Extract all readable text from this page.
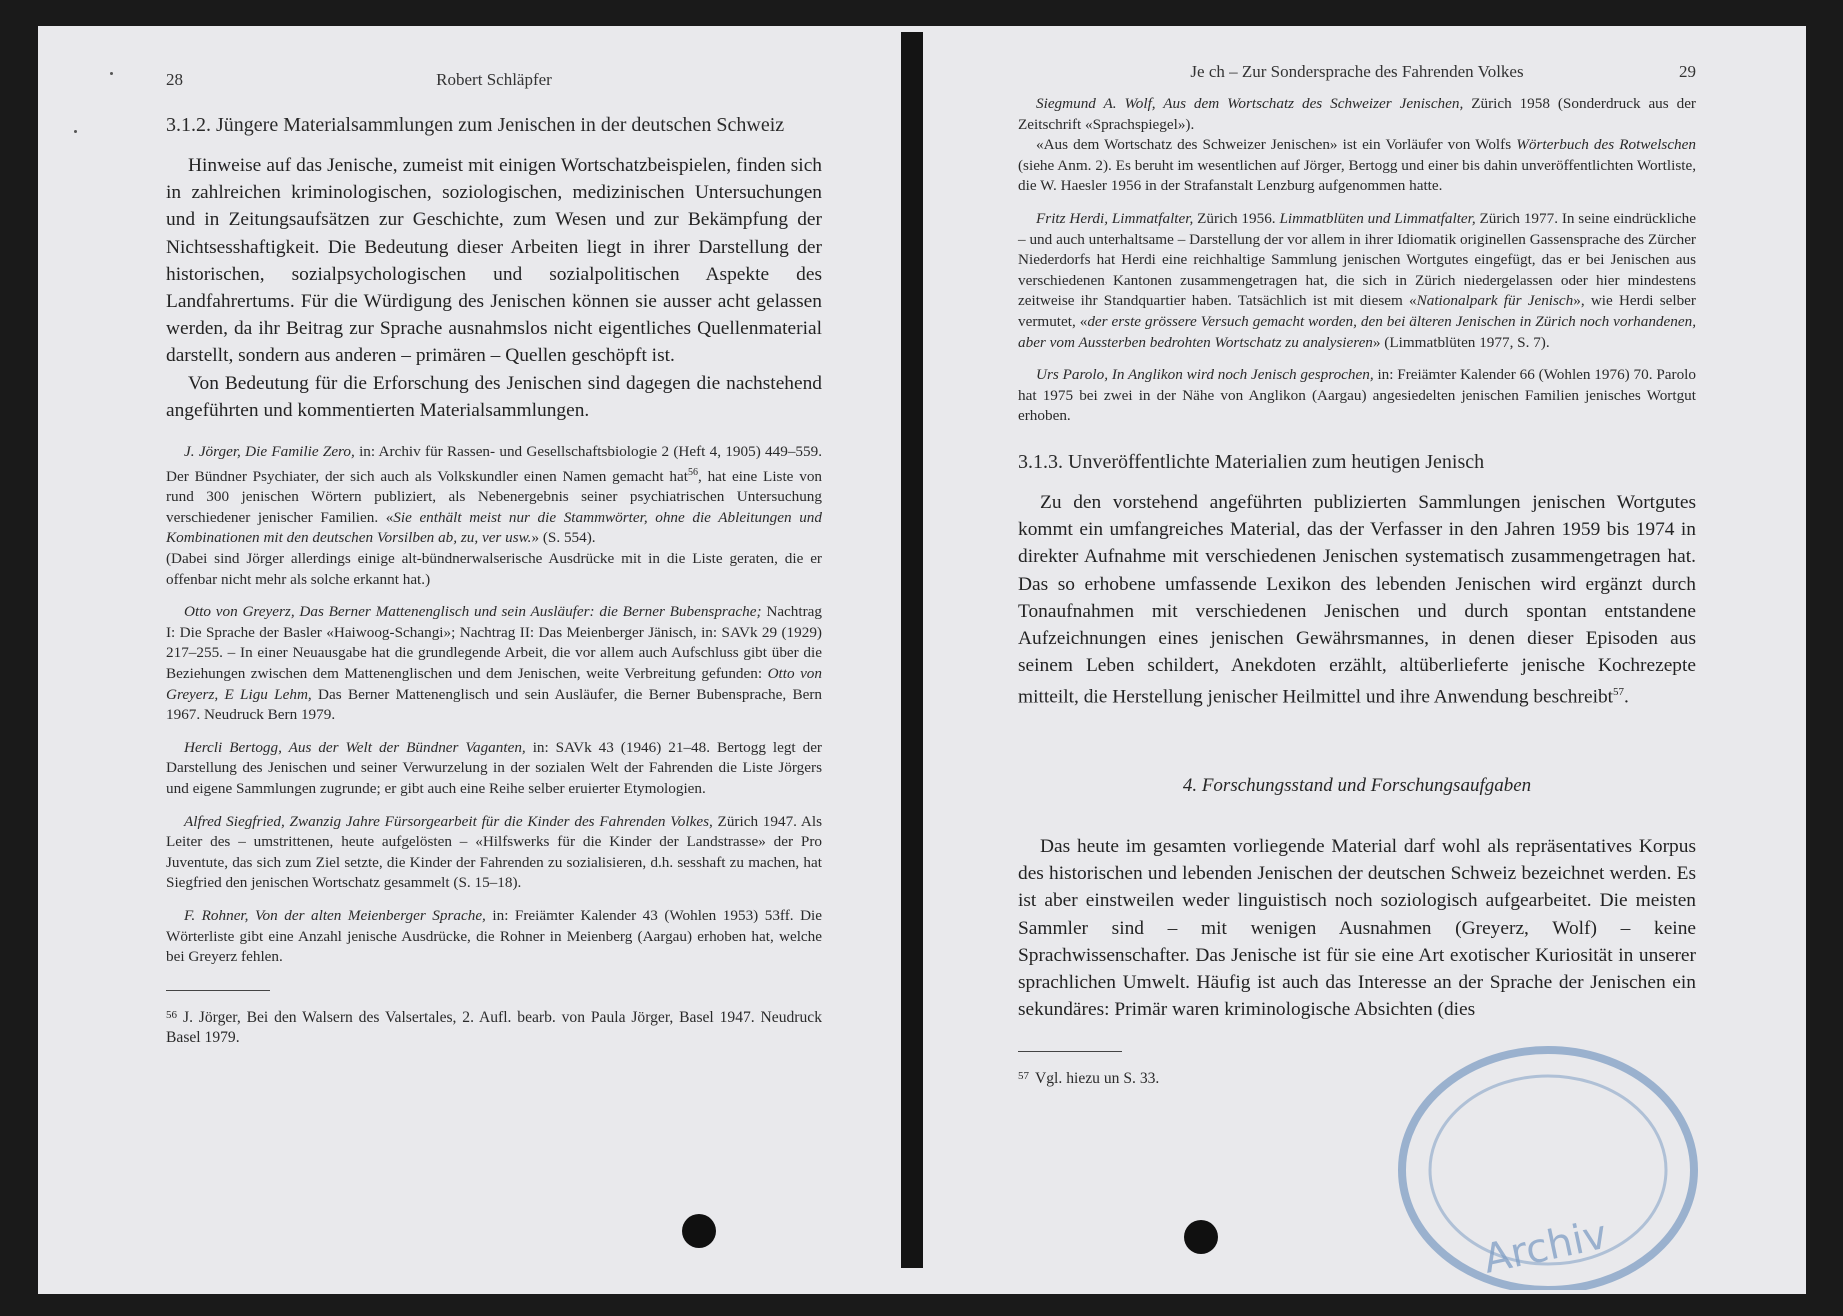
28	Robert Schläpfer
3.1.2. Jüngere Materialsammlungen zum Jenischen in der deutschen Schweiz

Hinweise auf das Jenische, zumeist mit einigen Wortschatzbeispielen, finden sich in zahlreichen kriminologischen, soziologischen, medizinischen Untersuchungen und in Zeitungsaufsätzen zur Geschichte, zum Wesen und zur Bekämpfung der Nichtsesshaftigkeit. Die Bedeutung dieser Arbeiten liegt in ihrer Darstellung der historischen, sozialpsychologischen und sozialpolitischen Aspekte des Landfahrertums. Für die Würdigung des Jenischen können sie ausser acht gelassen werden, da ihr Beitrag zur Sprache ausnahmslos nicht eigentliches Quellenmaterial darstellt, sondern aus anderen – primären – Quellen geschöpft ist.

Von Bedeutung für die Erforschung des Jenischen sind dagegen die nachstehend angeführten und kommentierten Materialsammlungen.

J. Jörger, Die Familie Zero, in: Archiv für Rassen- und Gesellschaftsbiologie 2 (Heft 4, 1905) 449–559. Der Bündner Psychiater, der sich auch als Volkskundler einen Namen gemacht hat$^{56}$, hat eine Liste von rund 300 jenischen Wörtern publiziert, als Nebenergebnis seiner psychiatrischen Untersuchung verschiedener jenischer Familien. «Sie enthält meist nur die Stammwörter, ohne die Ableitungen und Kombinationen mit den deutschen Vorsilben ab, zu, ver usw.» (S. 554).

(Dabei sind Jörger allerdings einige alt-bündnerwalserische Ausdrücke mit in die Liste geraten, die er offenbar nicht mehr als solche erkannt hat.)

Otto von Greyerz, Das Berner Mattenenglisch und sein Ausläufer: die Berner Bubensprache; Nachtrag I: Die Sprache der Basler «Haiwoog-Schangi»; Nachtrag II: Das Meienberger Jänisch, in: SAVk 29 (1929) 217–255. – In einer Neuausgabe hat die grundlegende Arbeit, die vor allem auch Aufschluss gibt über die Beziehungen zwischen dem Mattenenglischen und dem Jenischen, weite Verbreitung gefunden: Otto von Greyerz, E Ligu Lehm, Das Berner Mattenenglisch und sein Ausläufer, die Berner Bubensprache, Bern 1967. Neudruck Bern 1979.

Hercli Bertogg, Aus der Welt der Bündner Vaganten, in: SAVk 43 (1946) 21–48. Bertogg legt der Darstellung des Jenischen und seiner Verwurzelung in der sozialen Welt der Fahrenden die Liste Jörgers und eigene Sammlungen zugrunde; er gibt auch eine Reihe selber eruierter Etymologien.

Alfred Siegfried, Zwanzig Jahre Fürsorgearbeit für die Kinder des Fahrenden Volkes, Zürich 1947. Als Leiter des – umstrittenen, heute aufgelösten – «Hilfswerks für die Kinder der Landstrasse» der Pro Juventute, das sich zum Ziel setzte, die Kinder der Fahrenden zu sozialisieren, d.h. sesshaft zu machen, hat Siegfried den jenischen Wortschatz gesammelt (S. 15–18).

F. Rohner, Von der alten Meienberger Sprache, in: Freiämter Kalender 43 (Wohlen 1953) 53ff. Die Wörterliste gibt eine Anzahl jenische Ausdrücke, die Rohner in Meienberg (Aargau) erhoben hat, welche bei Greyerz fehlen.

$^{56}$ J. Jörger, Bei den Walsern des Valsertales, 2. Aufl. bearb. von Paula Jörger, Basel 1947. Neudruck Basel 1979.
Je ch – Zur Sondersprache des Fahrenden Volkes	29

Siegmund A. Wolf, Aus dem Wortschatz des Schweizer Jenischen, Zürich 1958 (Sonderdruck aus der Zeitschrift «Sprachspiegel»).

«Aus dem Wortschatz des Schweizer Jenischen» ist ein Vorläufer von Wolfs Wörterbuch des Rotwelschen (siehe Anm. 2). Es beruht im wesentlichen auf Jörger, Bertogg und einer bis dahin unveröffentlichten Wortliste, die W. Haesler 1956 in der Strafanstalt Lenzburg aufgenommen hatte.

Fritz Herdi, Limmatfalter, Zürich 1956. Limmatblüten und Limmatfalter, Zürich 1977. In seine eindrückliche – und auch unterhaltsame – Darstellung der vor allem in ihrer Idiomatik originellen Gassensprache des Zürcher Niederdorfs hat Herdi eine reichhaltige Sammlung jenischen Wortgutes eingefügt, das er bei Jenischen aus verschiedenen Kantonen zusammengetragen hat, die sich in Zürich niedergelassen oder hier mindestens zeitweise ihr Standquartier haben. Tatsächlich ist mit diesem «Nationalpark für Jenisch», wie Herdi selber vermutet, «der erste grössere Versuch gemacht worden, den bei älteren Jenischen in Zürich noch vorhandenen, aber vom Aussterben bedrohten Wortschatz zu analysieren» (Limmatblüten 1977, S. 7).

Urs Parolo, In Anglikon wird noch Jenisch gesprochen, in: Freiämter Kalender 66 (Wohlen 1976) 70. Parolo hat 1975 bei zwei in der Nähe von Anglikon (Aargau) angesiedelten jenischen Familien jenisches Wortgut erhoben.

3.1.3. Unveröffentlichte Materialien zum heutigen Jenisch

Zu den vorstehend angeführten publizierten Sammlungen jenischen Wortgutes kommt ein umfangreiches Material, das der Verfasser in den Jahren 1959 bis 1974 in direkter Aufnahme mit verschiedenen Jenischen systematisch zusammengetragen hat. Das so erhobene umfassende Lexikon des lebenden Jenischen wird ergänzt durch Tonaufnahmen mit verschiedenen Jenischen und durch spontan entstandene Aufzeichnungen eines jenischen Gewährsmannes, in denen dieser Episoden aus seinem Leben schildert, Anekdoten erzählt, altüberlieferte jenische Kochrezepte mitteilt, die Herstellung jenischer Heilmittel und ihre Anwendung beschreibt$^{57}$.

4. Forschungsstand und Forschungsaufgaben

Das heute im gesamten vorliegende Material darf wohl als repräsentatives Korpus des historischen und lebenden Jenischen der deutschen Schweiz bezeichnet werden. Es ist aber einstweilen weder linguistisch noch soziologisch aufgearbeitet. Die meisten Sammler sind – mit wenigen Ausnahmen (Greyerz, Wolf) – keine Sprachwissenschafter. Das Jenische ist für sie eine Art exotischer Kuriosität in unserer sprachlichen Umwelt. Häufig ist auch das Interesse an der Sprache der Jenischen ein sekundäres: Primär waren kriminologische Absichten (dies

$^{57}$ Vgl. hiezu un S. 33.
Archiv
